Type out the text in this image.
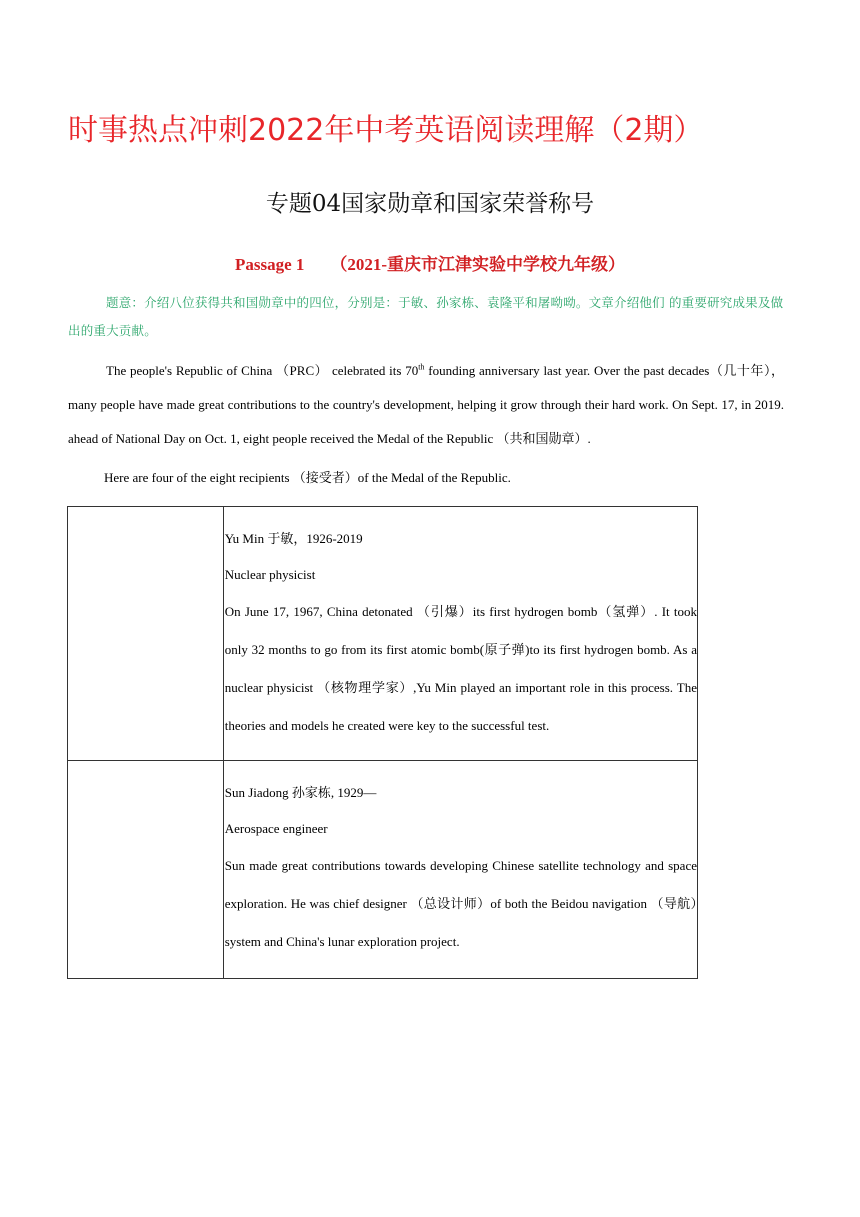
时事热点冲刺2022年中考英语阅读理解（2期）
专题04国家勋章和国家荣誉称号
Passage 1 （2021-重庆市江津实验中学校九年级）
题意：介绍八位获得共和国勋章中的四位，分别是：于敏、孙家栋、袁隆平和屠呦呦。文章介绍他们 的重要研究成果及做出的重大贡献。
The people's Republic of China （PRC） celebrated its 70th founding anniversary last year. Over the past decades（几十年），many people have made great contributions to the country's development, helping it grow through their hard work. On Sept. 17, in 2019. ahead of National Day on Oct. 1, eight people received the Medal of the Republic （共和国勋章）.
Here are four of the eight recipients （接受者）of the Medal of the Republic.

	Yu Min 于敏，1926-2019
Nuclear physicist
On June 17, 1967, China detonated （引爆）its first hydrogen bomb（氢弹）. It took only 32 months to go from its first atomic bomb(原子弹)to its first hydrogen bomb. As a nuclear physicist （核物理学家）,Yu Min played an important role in this process. The theories and models he created were key to the successful test.

	Sun Jiadong 孙家栋, 1929—
Aerospace engineer
Sun made great contributions towards developing Chinese satellite technology and space exploration. He was chief designer （总设计师）of both the Beidou navigation （导航）system and China's lunar exploration project.
